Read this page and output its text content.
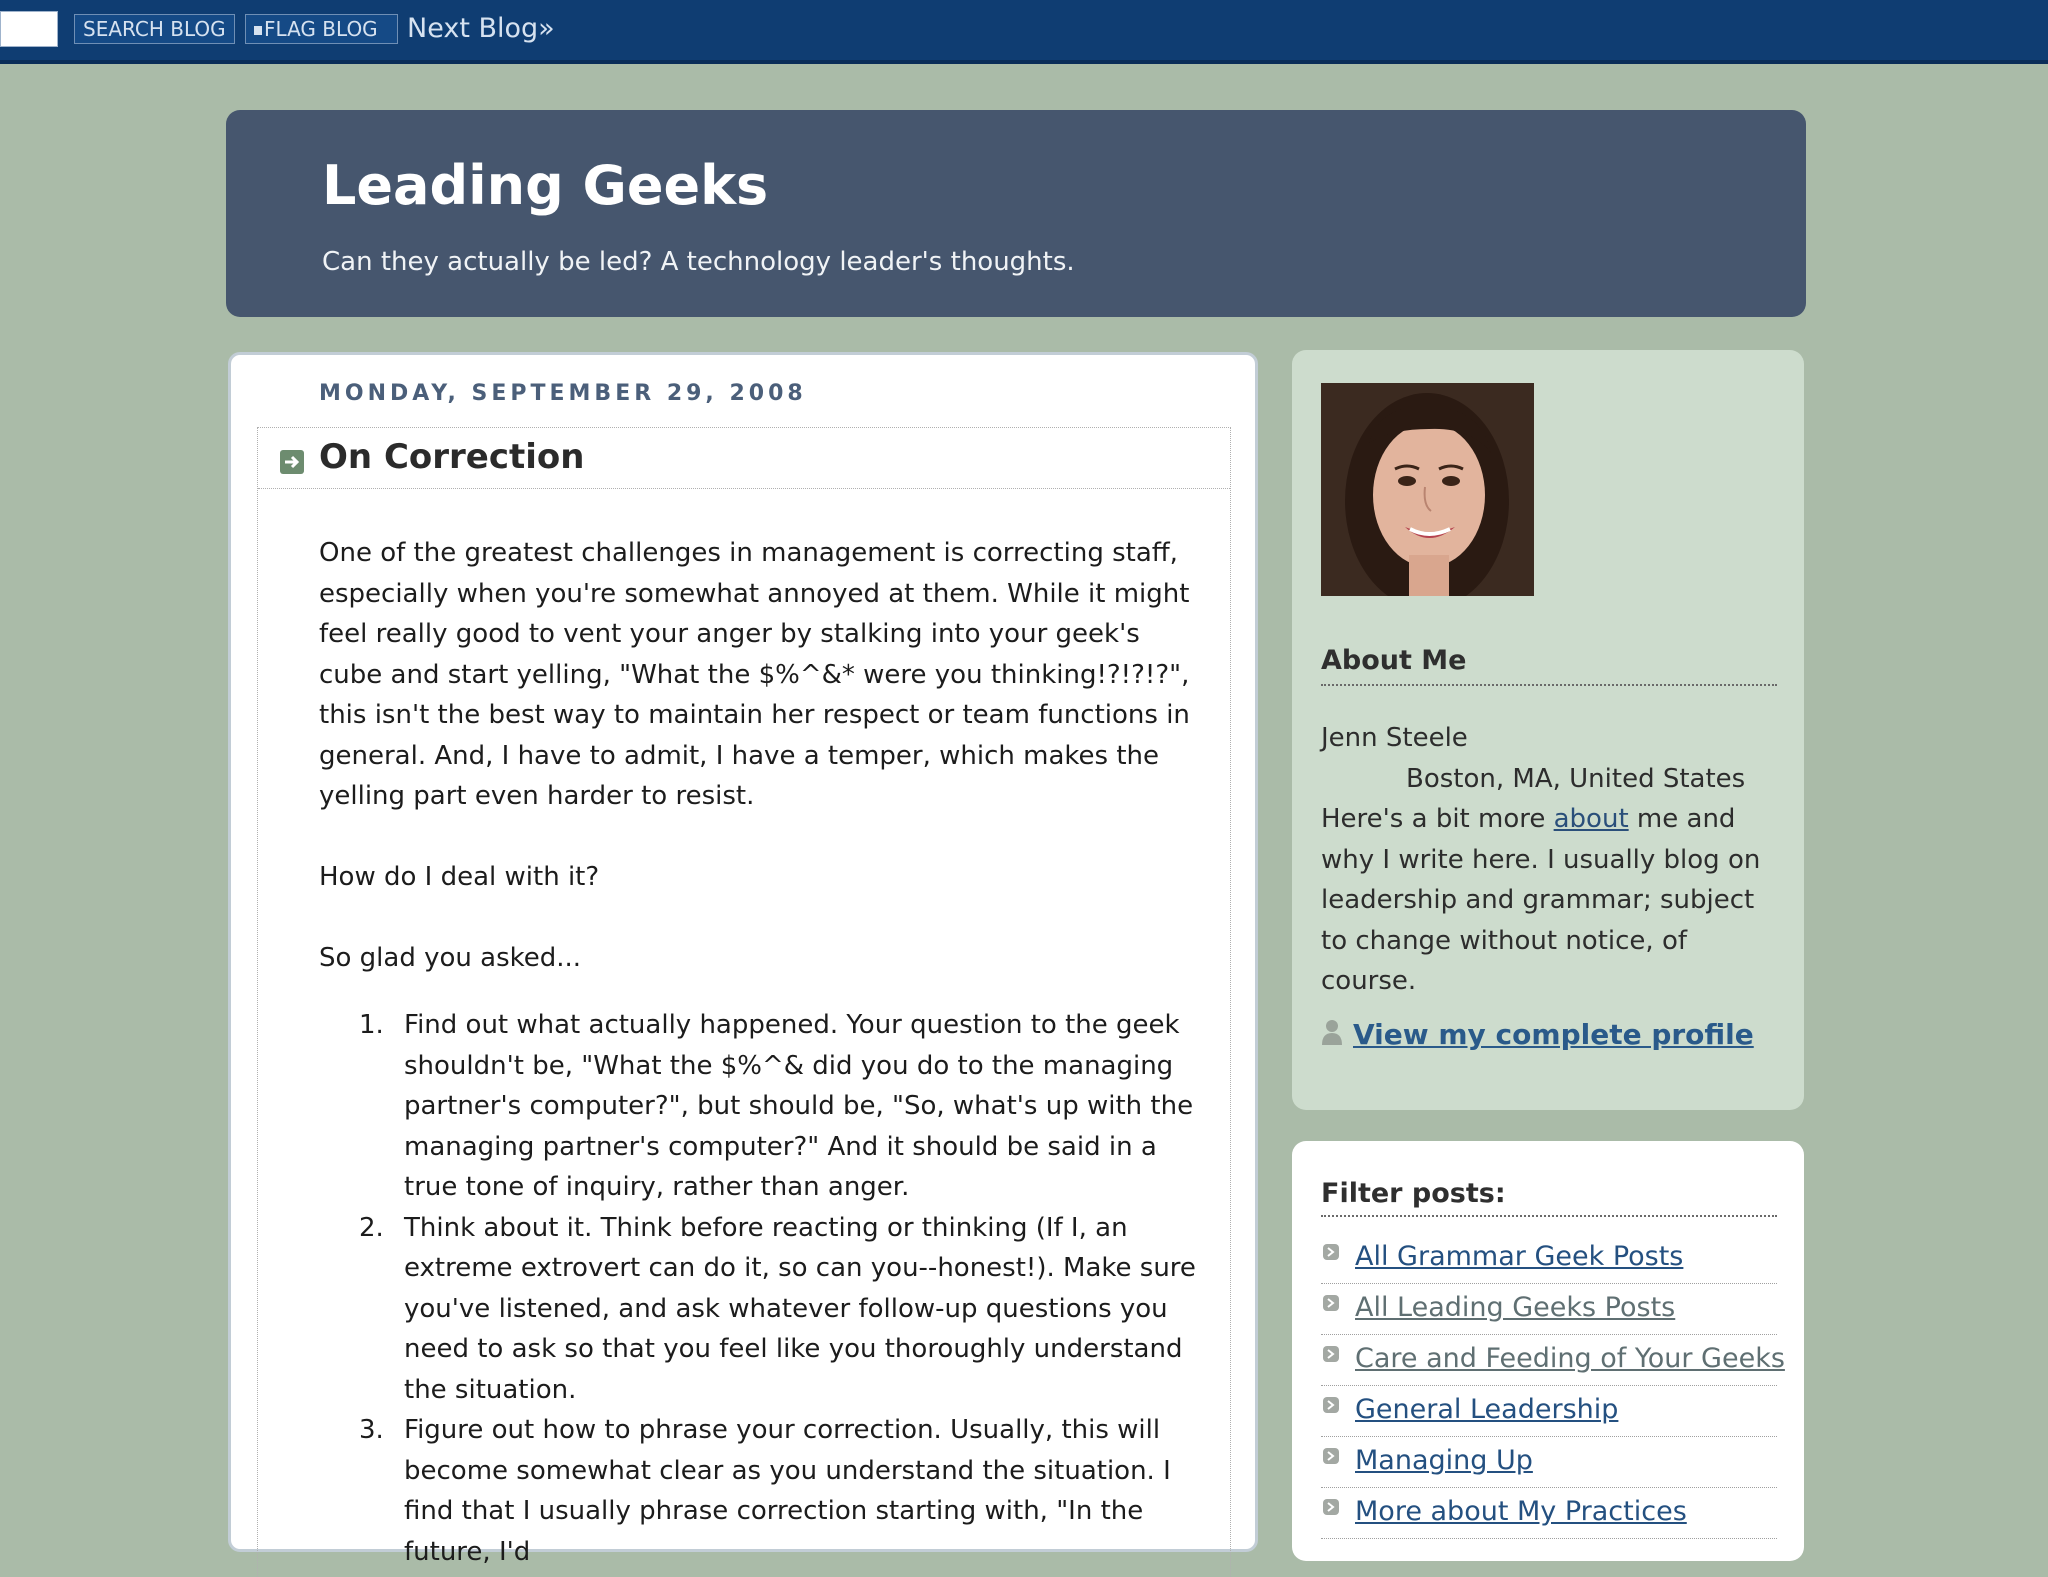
SEARCH BLOG	FLAG BLOG	Next Blog»
Leading Geeks
Can they actually be led? A technology leader's thoughts.
MONDAY, SEPTEMBER 29, 2008
On Correction

One of the greatest challenges in management is correcting staff, especially when you're somewhat annoyed at them. While it might feel really good to vent your anger by stalking into your geek's cube and start yelling, "What the $%^&* were you thinking!?!?!?", this isn't the best way to maintain her respect or team functions in general. And, I have to admit, I have a temper, which makes the yelling part even harder to resist.

How do I deal with it?

So glad you asked...

1. Find out what actually happened. Your question to the geek shouldn't be, "What the $%^& did you do to the managing partner's computer?", but should be, "So, what's up with the managing partner's computer?" And it should be said in a true tone of inquiry, rather than anger.
2. Think about it. Think before reacting or thinking (If I, an extreme extrovert can do it, so can you--honest!). Make sure you've listened, and ask whatever follow-up questions you need to ask so that you feel like you thoroughly understand the situation.
3. Figure out how to phrase your correction. Usually, this will become somewhat clear as you understand the situation. I find that I usually phrase correction starting with, "In the future, I'd
About Me

Jenn Steele

Boston, MA, United States

Here's a bit more about me and why I write here. I usually blog on leadership and grammar; subject to change without notice, of course.

View my complete profile
Filter posts:
All Grammar Geek Posts
All Leading Geeks Posts
Care and Feeding of Your Geeks
General Leadership
Managing Up
More about My Practices
